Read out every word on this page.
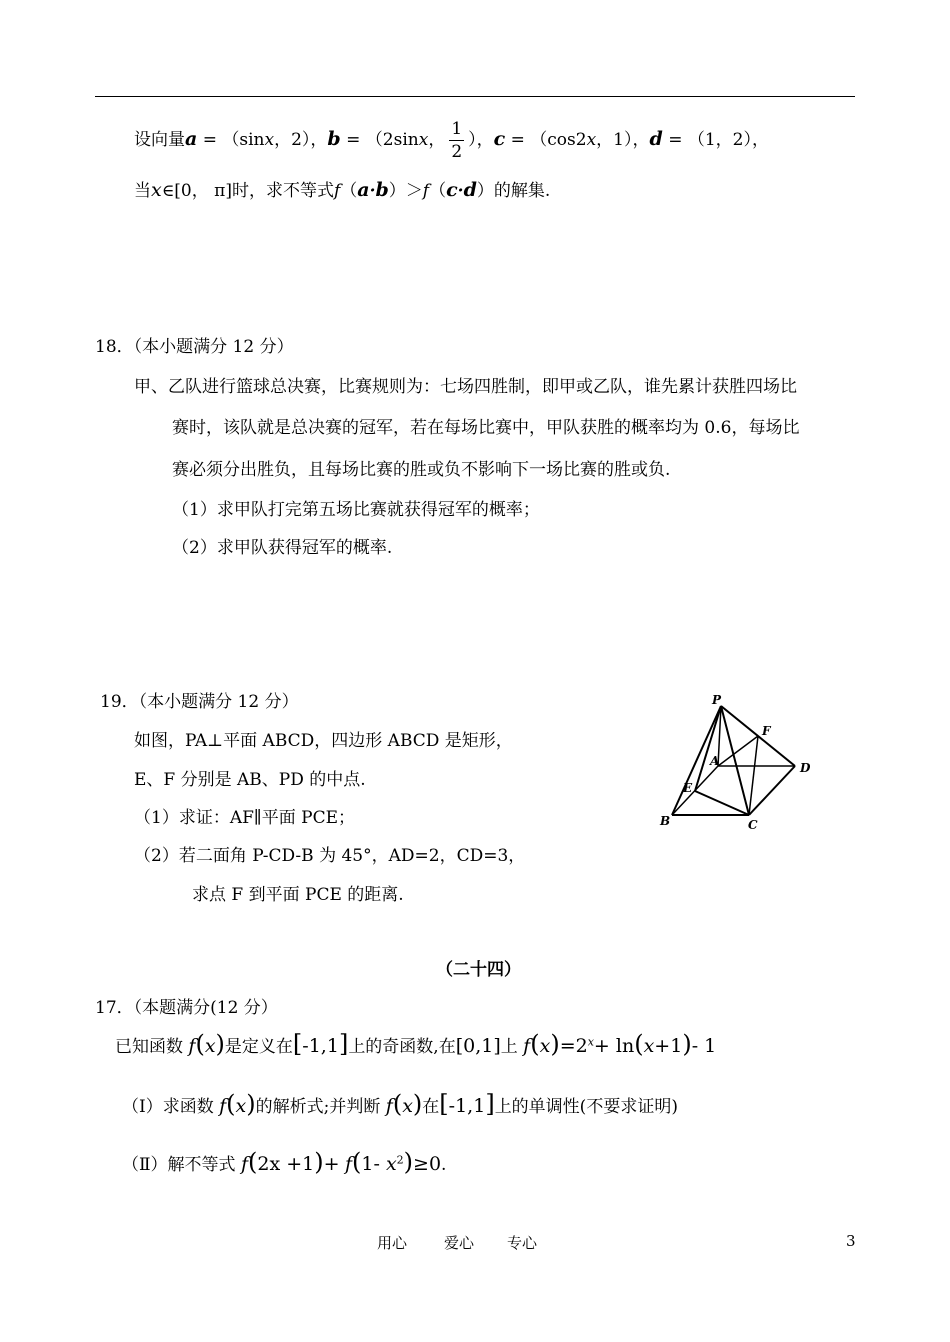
设向量a = （sinx，2），b = （2sinx， $\frac{1}{2}$ ），c = （cos2x，1），d = （1，2），
当x∈[0， π]时，求不等式f（a·b）＞f（c·d）的解集.
18．（本小题满分 12 分）
甲、乙队进行篮球总决赛，比赛规则为：七场四胜制，即甲或乙队，谁先累计获胜四场比
赛时，该队就是总决赛的冠军，若在每场比赛中，甲队获胜的概率均为 0.6，每场比
赛必须分出胜负，且每场比赛的胜或负不影响下一场比赛的胜或负.
（1）求甲队打完第五场比赛就获得冠军的概率；
（2）求甲队获得冠军的概率.
19．（本小题满分 12 分）
如图，PA⊥平面 ABCD，四边形 ABCD 是矩形，
E、F 分别是 AB、PD 的中点.
（1）求证：AF∥平面 PCE；
（2）若二面角 P-CD-B 为 45°，AD=2，CD=3，
求点 F 到平面 PCE 的距离.
P
F
A	D
E
B	C
（二十四）
17．（本题满分(12 分）
已知函数 f(x)是定义在[-1,1]上的奇函数,在[0,1]上 $f(x)=2^x+ \ln(x+1)-$ 1
（Ⅰ）求函数 f(x)的解析式;并判断 f(x)在[-1,1]上的单调性(不要求证明)
（Ⅱ）解不等式 f(2x +1)+ f(1- $x^2)\ge 0$.
用心 爱心 专心	3
